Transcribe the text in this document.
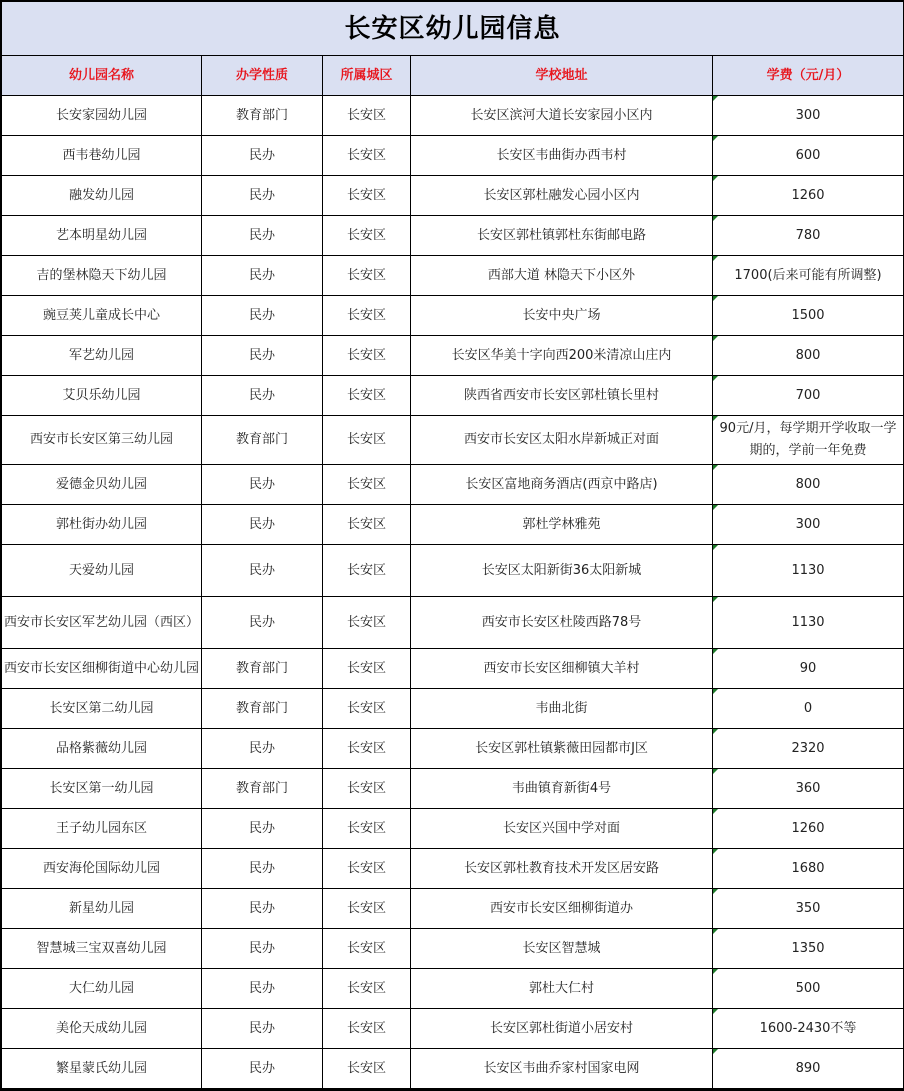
长安区幼儿园信息				
幼儿园名称	办学性质	所属城区	学校地址	学费（元/月）
长安家园幼儿园	教育部门	长安区	长安区滨河大道长安家园小区内	300
西韦巷幼儿园	民办	长安区	长安区韦曲街办西韦村	600
融发幼儿园	民办	长安区	长安区郭杜融发心园小区内	1260
艺本明星幼儿园	民办	长安区	长安区郭杜镇郭杜东街邮电路	780
吉的堡林隐天下幼儿园	民办	长安区	西部大道 林隐天下小区外	1700(后来可能有所调整)
豌豆荚儿童成长中心	民办	长安区	长安中央广场	1500
军艺幼儿园	民办	长安区	长安区华美十字向西200米清凉山庄内	800
艾贝乐幼儿园	民办	长安区	陕西省西安市长安区郭杜镇长里村	700
西安市长安区第三幼儿园	教育部门	长安区	西安市长安区太阳水岸新城正对面	90元/月，每学期开学收取一学期的，学前一年免费
爱德金贝幼儿园	民办	长安区	长安区富地商务酒店(西京中路店)	800
郭杜街办幼儿园	民办	长安区	郭杜学林雅苑	300
天爱幼儿园	民办	长安区	长安区太阳新街36太阳新城	1130
西安市长安区军艺幼儿园（西区）	民办	长安区	西安市长安区杜陵西路78号	1130
西安市长安区细柳街道中心幼儿园	教育部门	长安区	西安市长安区细柳镇大羊村	90
长安区第二幼儿园	教育部门	长安区	韦曲北街	0
品格紫薇幼儿园	民办	长安区	长安区郭杜镇紫薇田园都市J区	2320
长安区第一幼儿园	教育部门	长安区	韦曲镇育新街4号	360
王子幼儿园东区	民办	长安区	长安区兴国中学对面	1260
西安海伦国际幼儿园	民办	长安区	长安区郭杜教育技术开发区居安路	1680
新星幼儿园	民办	长安区	西安市长安区细柳街道办	350
智慧城三宝双喜幼儿园	民办	长安区	长安区智慧城	1350
大仁幼儿园	民办	长安区	郭杜大仁村	500
美伦天成幼儿园	民办	长安区	长安区郭杜街道小居安村	1600-2430不等
繁星蒙氏幼儿园	民办	长安区	长安区韦曲乔家村国家电网	890
